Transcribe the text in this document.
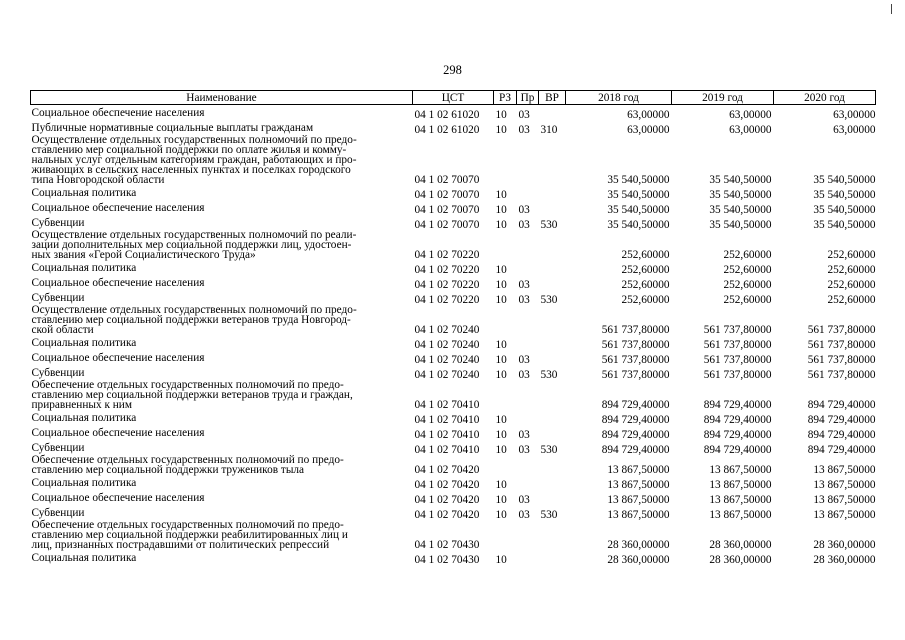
298
Наименование	ЦСТ	РЗ	Пр	ВР	2018 год	2019 год	2020 год

Социальное обеспечение населения	04 1 02 61020	10	03		63,00000	63,00000	63,00000

Публичные нормативные социальные выплаты гражданам	04 1 02 61020	10	03	310	63,00000	63,00000	63,00000

Осуществление отдельных государственных полномочий по предо-
ставлению мер социальной поддержки по оплате жилья и комму-
нальных услуг отдельным категориям граждан, работающих и про-
живающих в сельских населенных пунктах и поселках городского
типа Новгородской области	04 1 02 70070				35 540,50000	35 540,50000	35 540,50000

Социальная политика	04 1 02 70070	10			35 540,50000	35 540,50000	35 540,50000

Социальное обеспечение населения	04 1 02 70070	10	03		35 540,50000	35 540,50000	35 540,50000

Субвенции	04 1 02 70070	10	03	530	35 540,50000	35 540,50000	35 540,50000

Осуществление отдельных государственных полномочий по реали-
зации дополнительных мер социальной поддержки лиц, удостоен-
ных звания «Герой Социалистического Труда»	04 1 02 70220				252,60000	252,60000	252,60000

Социальная политика	04 1 02 70220	10			252,60000	252,60000	252,60000

Социальное обеспечение населения	04 1 02 70220	10	03		252,60000	252,60000	252,60000

Субвенции	04 1 02 70220	10	03	530	252,60000	252,60000	252,60000

Осуществление отдельных государственных полномочий по предо-
ставлению мер социальной поддержки ветеранов труда Новгород-
ской области	04 1 02 70240				561 737,80000	561 737,80000	561 737,80000

Социальная политика	04 1 02 70240	10			561 737,80000	561 737,80000	561 737,80000

Социальное обеспечение населения	04 1 02 70240	10	03		561 737,80000	561 737,80000	561 737,80000

Субвенции	04 1 02 70240	10	03	530	561 737,80000	561 737,80000	561 737,80000

Обеспечение отдельных государственных полномочий по предо-
ставлению мер социальной поддержки ветеранов труда и граждан,
приравненных к ним	04 1 02 70410				894 729,40000	894 729,40000	894 729,40000

Социальная политика	04 1 02 70410	10			894 729,40000	894 729,40000	894 729,40000

Социальное обеспечение населения	04 1 02 70410	10	03		894 729,40000	894 729,40000	894 729,40000

Субвенции	04 1 02 70410	10	03	530	894 729,40000	894 729,40000	894 729,40000

Обеспечение отдельных государственных полномочий по предо-
ставлению мер социальной поддержки тружеников тыла	04 1 02 70420				13 867,50000	13 867,50000	13 867,50000

Социальная политика	04 1 02 70420	10			13 867,50000	13 867,50000	13 867,50000

Социальное обеспечение населения	04 1 02 70420	10	03		13 867,50000	13 867,50000	13 867,50000

Субвенции	04 1 02 70420	10	03	530	13 867,50000	13 867,50000	13 867,50000

Обеспечение отдельных государственных полномочий по предо-
ставлению мер социальной поддержки реабилитированных лиц и
лиц, признанных пострадавшими от политических репрессий	04 1 02 70430				28 360,00000	28 360,00000	28 360,00000

Социальная политика	04 1 02 70430	10			28 360,00000	28 360,00000	28 360,00000
